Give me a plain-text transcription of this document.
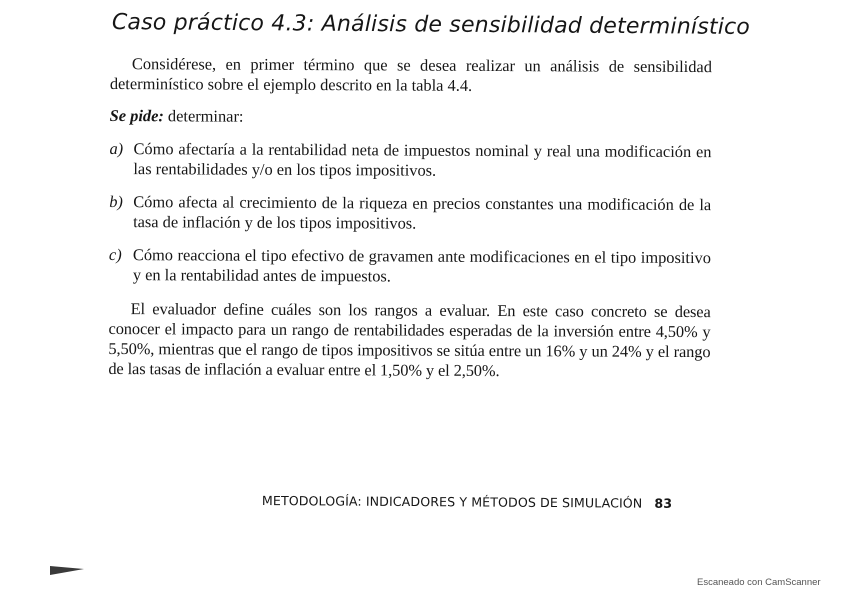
Caso práctico 4.3: Análisis de sensibilidad determinístico

Considérese, en primer término que se desea realizar un análisis de sensibilidad determinístico sobre el ejemplo descrito en la tabla 4.4.

Se pide: determinar:

a) Cómo afectaría a la rentabilidad neta de impuestos nominal y real una modificación en las rentabilidades y/o en los tipos impositivos.
b) Cómo afecta al crecimiento de la riqueza en precios constantes una modificación de la tasa de inflación y de los tipos impositivos.
c) Cómo reacciona el tipo efectivo de gravamen ante modificaciones en el tipo impositivo y en la rentabilidad antes de impuestos.

El evaluador define cuáles son los rangos a evaluar. En este caso concreto se desea conocer el impacto para un rango de rentabilidades esperadas de la inversión entre 4,50% y 5,50%, mientras que el rango de tipos impositivos se sitúa entre un 16% y un 24% y el rango de las tasas de inflación a evaluar entre el 1,50% y el 2,50%.

METODOLOGÍA: INDICADORES Y MÉTODOS DE SIMULACIÓN 83
Escaneado con CamScanner
